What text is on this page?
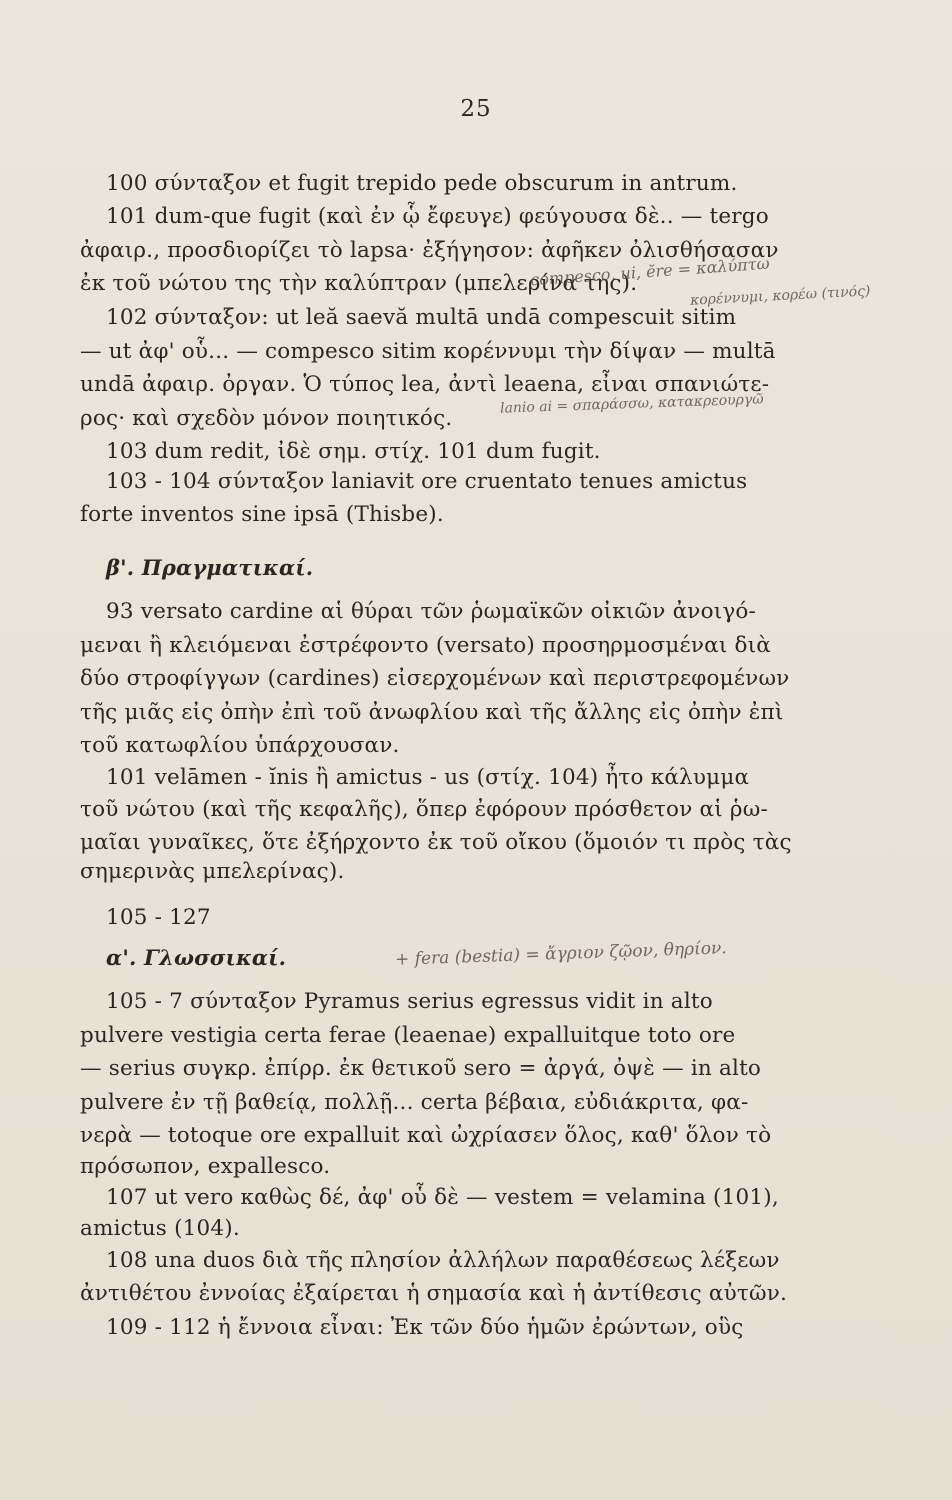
25
100 σύνταξον et fugit trepido pede obscurum in antrum.
101 dum-que fugit (καὶ ἐν ᾧ ἔφευγε) φεύγουσα δὲ.. — tergo
ἀφαιρ., προσδιορίζει τὸ lapsa· ἐξήγησον: ἀφῆκεν ὀλισθήσασαν
ἐκ τοῦ νώτου της τὴν καλύπτραν (μπελερίνα της).
102 σύνταξον: ut leă saevă multā undā compescuit sitim
— ut ἀφ' οὗ... — compesco sitim κορέννυμι τὴν δίψαν — multā
undā ἀφαιρ. ὀργαν. Ὁ τύπος lea, ἀντὶ leaena, εἶναι σπανιώτε-
ρος· καὶ σχεδὸν μόνον ποιητικός.
103 dum redit, ἰδὲ σημ. στίχ. 101 dum fugit.
103 - 104 σύνταξον laniavit ore cruentato tenues amictus
forte inventos sine ipsā (Thisbe).
β'. Πραγματικαί.
93 versato cardine αἱ θύραι τῶν ῥωμαϊκῶν οἰκιῶν ἀνοιγό-
μεναι ἢ κλειόμεναι ἐστρέφοντο (versato) προσηρμοσμέναι διὰ
δύο στροφίγγων (cardines) εἰσερχομένων καὶ περιστρεφομένων
τῆς μιᾶς εἰς ὀπὴν ἐπὶ τοῦ ἀνωφλίου καὶ τῆς ἄλλης εἰς ὀπὴν ἐπὶ
τοῦ κατωφλίου ὑπάρχουσαν.
101 velāmen - ĭnis ἢ amictus - us (στίχ. 104) ἦτο κάλυμμα
τοῦ νώτου (καὶ τῆς κεφαλῆς), ὅπερ ἐφόρουν πρόσθετον αἱ ῥω-
μαῖαι γυναῖκες, ὅτε ἐξήρχοντο ἐκ τοῦ οἴκου (ὅμοιόν τι πρὸς τὰς
σημερινὰς μπελερίνας).
105 - 127
α'. Γλωσσικαί.
105 - 7 σύνταξον Pyramus serius egressus vidit in alto
pulvere vestigia certa ferae (leaenae) expalluitque toto ore
— serius συγκρ. ἐπίρρ. ἐκ θετικοῦ sero = ἀργά, ὀψὲ — in alto
pulvere ἐν τῇ βαθείᾳ, πολλῇ... certa βέβαια, εὐδιάκριτα, φα-
νερὰ — totoque ore expalluit καὶ ὠχρίασεν ὅλος, καθ' ὅλον τὸ
πρόσωπον, expallesco.
107 ut vero καθὼς δέ, ἀφ' οὗ δὲ — vestem = velamina (101),
amictus (104).
108 una duos διὰ τῆς πλησίον ἀλλήλων παραθέσεως λέξεων
ἀντιθέτου ἐννοίας ἐξαίρεται ἡ σημασία καὶ ἡ ἀντίθεσις αὐτῶν.
109 - 112 ἡ ἔννοια εἶναι: Ἐκ τῶν δύο ἡμῶν ἐρώντων, οὓς
compesco, ui, ĕre = καλύπτω
κορέννυμι, κορέω (τινός)
lanio ai = σπαράσσω, κατακρεουργῶ
+ fera (bestia) = ἄγριον ζῷον, θηρίον.
